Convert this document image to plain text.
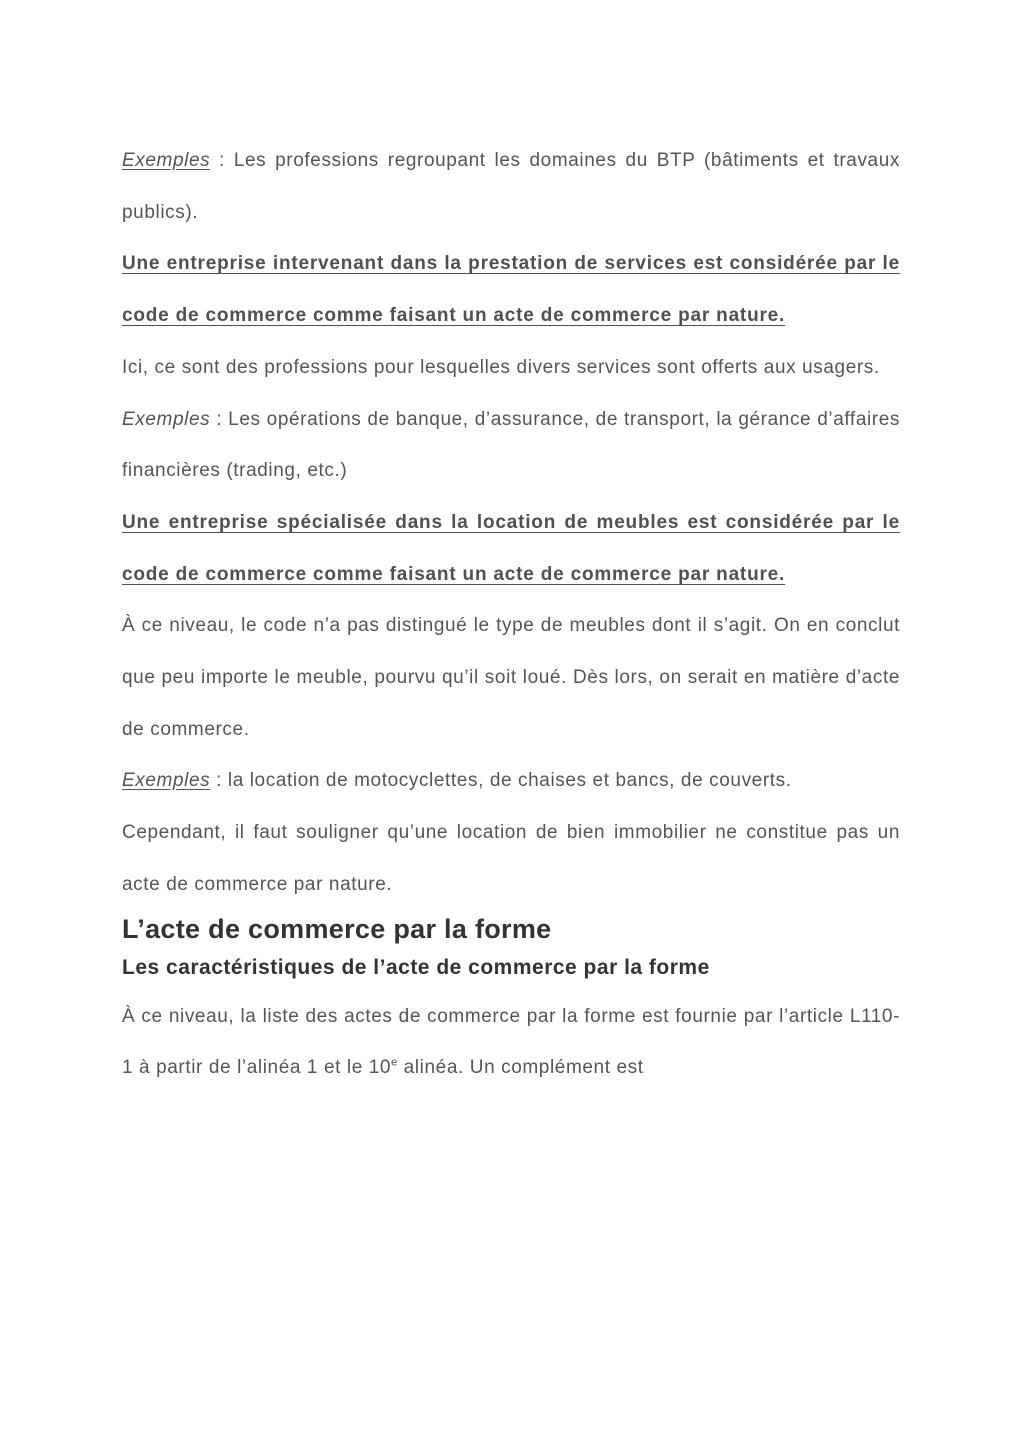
Exemples : Les professions regroupant les domaines du BTP (bâtiments et travaux publics).

Une entreprise intervenant dans la prestation de services est considérée par le code de commerce comme faisant un acte de commerce par nature.

Ici, ce sont des professions pour lesquelles divers services sont offerts aux usagers.

Exemples : Les opérations de banque, d’assurance, de transport, la gérance d’affaires financières (trading, etc.)

Une entreprise spécialisée dans la location de meubles est considérée par le code de commerce comme faisant un acte de commerce par nature.

À ce niveau, le code n’a pas distingué le type de meubles dont il s’agit. On en conclut que peu importe le meuble, pourvu qu’il soit loué. Dès lors, on serait en matière d’acte de commerce.

Exemples : la location de motocyclettes, de chaises et bancs, de couverts.

Cependant, il faut souligner qu’une location de bien immobilier ne constitue pas un acte de commerce par nature.

L’acte de commerce par la forme
Les caractéristiques de l’acte de commerce par la forme

À ce niveau, la liste des actes de commerce par la forme est fournie par l’article L110-1 à partir de l’alinéa 1 et le 10e alinéa. Un complément est
